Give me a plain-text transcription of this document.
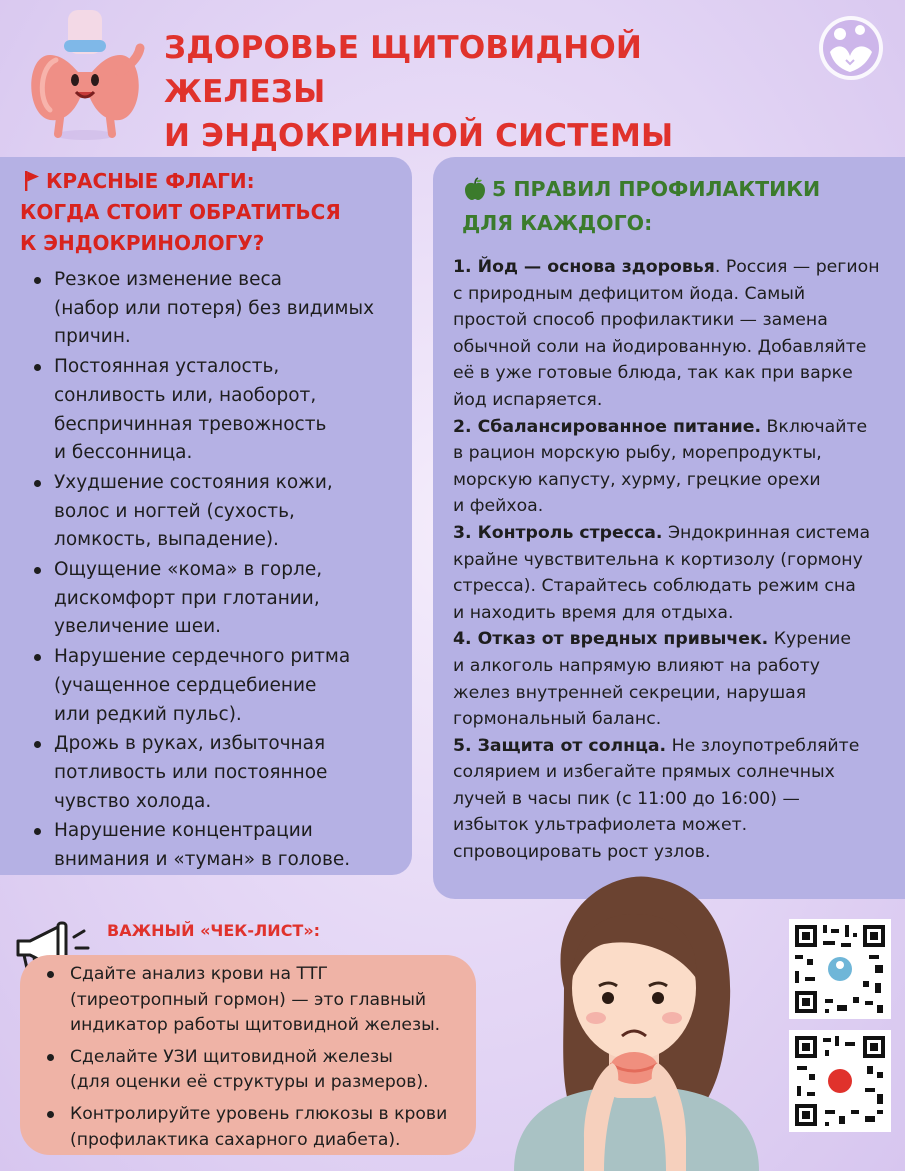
ЗДОРОВЬЕ ЩИТОВИДНОЙ ЖЕЛЕЗЫ
И ЭНДОКРИННОЙ СИСТЕМЫ
КРАСНЫЕ ФЛАГИ:
КОГДА СТОИТ ОБРАТИТЬСЯ
К ЭНДОКРИНОЛОГУ?
Резкое изменение веса
(набор или потеря) без видимых
причин.
Постоянная усталость,
сонливость или, наоборот,
беспричинная тревожность
и бессонница.
Ухудшение состояния кожи,
волос и ногтей (сухость,
ломкость, выпадение).
Ощущение «кома» в горле,
дискомфорт при глотании,
увеличение шеи.
Нарушение сердечного ритма
(учащенное сердцебиение
или редкий пульс).
Дрожь в руках, избыточная
потливость или постоянное
чувство холода.
Нарушение концентрации
внимания и «туман» в голове.
5 ПРАВИЛ ПРОФИЛАКТИКИ
ДЛЯ КАЖДОГО:

1. Йод — основа здоровья. Россия — регион
с природным дефицитом йода. Самый
простой способ профилактики — замена
обычной соли на йодированную. Добавляйте
её в уже готовые блюда, так как при варке
йод испаряется.

2. Сбалансированное питание. Включайте
в рацион морскую рыбу, морепродукты,
морскую капусту, хурму, грецкие орехи
и фейхоа.

3. Контроль стресса. Эндокринная система
крайне чувствительна к кортизолу (гормону
стресса). Старайтесь соблюдать режим сна
и находить время для отдыха.

4. Отказ от вредных привычек. Курение
и алкоголь напрямую влияют на работу
желез внутренней секреции, нарушая
гормональный баланс.

5. Защита от солнца. Не злоупотребляйте
солярием и избегайте прямых солнечных
лучей в часы пик (с 11:00 до 16:00) —
избыток ультрафиолета может.
спровоцировать рост узлов.

ВАЖНЫЙ «ЧЕК-ЛИСТ»:
Сдайте анализ крови на ТТГ
(тиреотропный гормон) — это главный
индикатор работы щитовидной железы.
Сделайте УЗИ щитовидной железы
(для оценки её структуры и размеров).
Контролируйте уровень глюкозы в крови
(профилактика сахарного диабета).
